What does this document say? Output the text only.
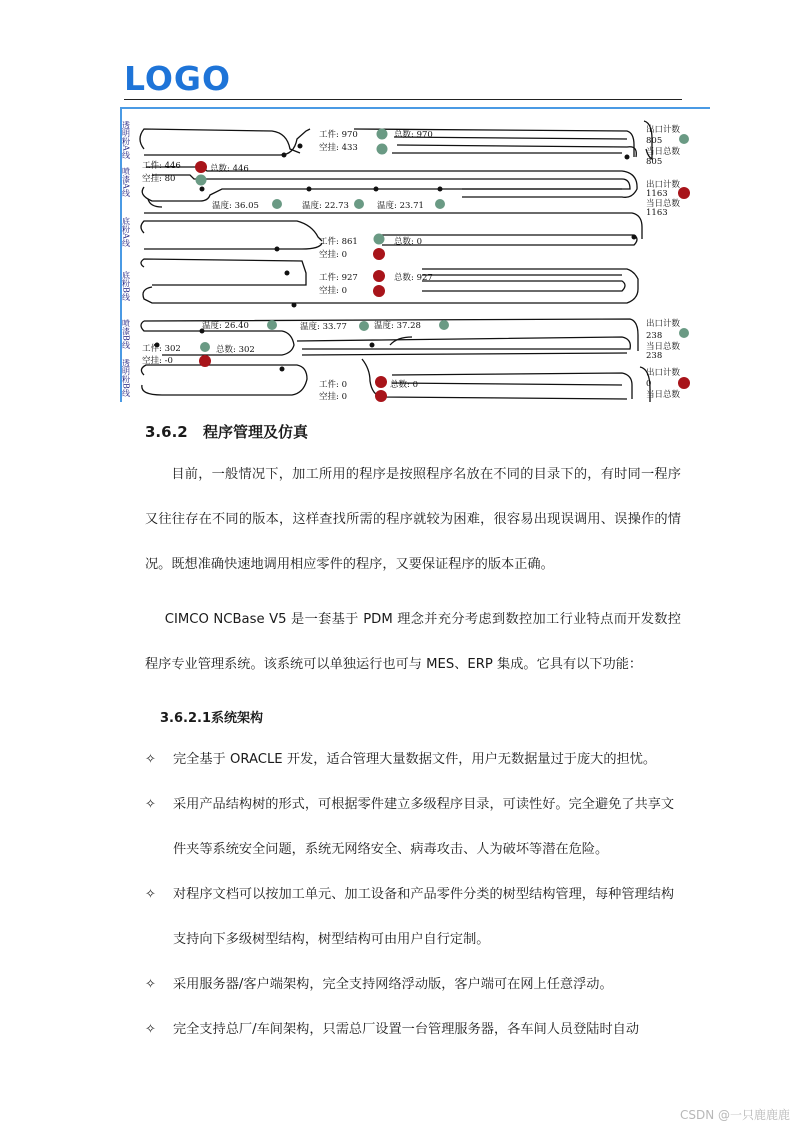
LOGO
透明粉A线
喷漆A线
底粉A线
底粉B线
喷漆B线
透明粉B线
工件: 970
空挂: 433
总数: 970
工件: 446
空挂: 80
总数: 446
温度: 36.05	温度: 22.73	温度: 23.71
工件: 861
空挂: 0
总数: 0
工件: 927
空挂: 0
总数: 927
温度: 26.40	温度: 33.77	温度: 37.28
工件: 302
空挂: -0
总数: 302
工件: 0
空挂: 0
总数: 0
出口计数
805
当日总数
805
出口计数
1163
当日总数
1163
出口计数
238
当日总数
238
出口计数
0
当日总数
3.6.2 程序管理及仿真

目前，一般情况下，加工所用的程序是按照程序名放在不同的目录下的，有时同一程序又往往存在不同的版本，这样查找所需的程序就较为困难，很容易出现误调用、误操作的情况。既想准确快速地调用相应零件的程序，又要保证程序的版本正确。

CIMCO NCBase V5 是一套基于 PDM 理念并充分考虑到数控加工行业特点而开发数控程序专业管理系统。该系统可以单独运行也可与 MES、ERP 集成。它具有以下功能：

3.6.2.1系统架构
✧	完全基于 ORACLE 开发，适合管理大量数据文件，用户无数据量过于庞大的担忧。
✧	采用产品结构树的形式，可根据零件建立多级程序目录，可读性好。完全避免了共享文件夹等系统安全问题，系统无网络安全、病毒攻击、人为破坏等潜在危险。
✧	对程序文档可以按加工单元、加工设备和产品零件分类的树型结构管理，每种管理结构支持向下多级树型结构，树型结构可由用户自行定制。
✧	采用服务器/客户端架构，完全支持网络浮动版，客户端可在网上任意浮动。
✧	完全支持总厂/车间架构，只需总厂设置一台管理服务器，各车间人员登陆时自动
CSDN @一只鹿鹿鹿
